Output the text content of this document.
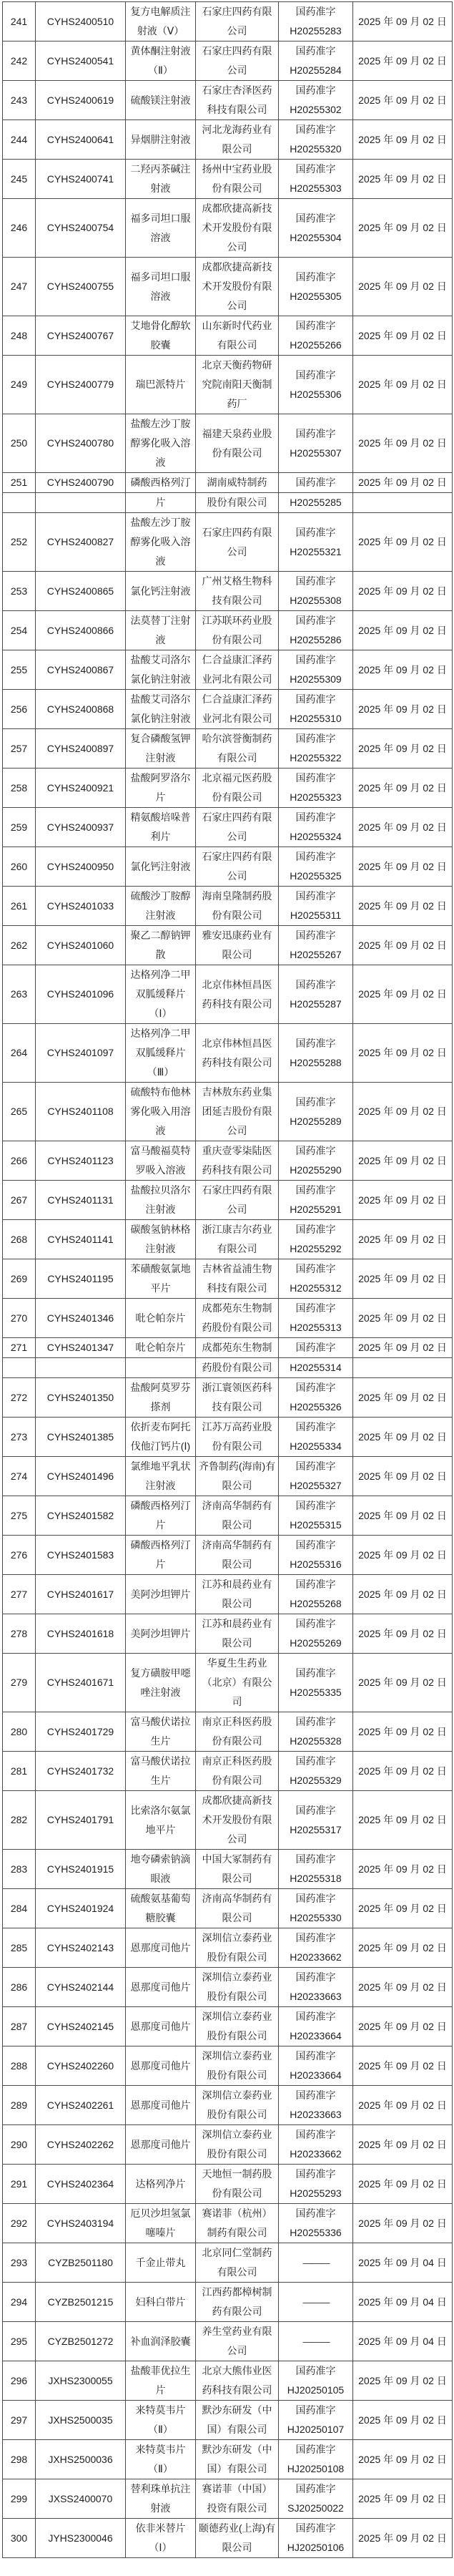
241	CYHS2400510	复方电解质注射液（Ⅴ）	石家庄四药有限公司	国药准字
H20255283	2025 年 09 月 02 日
242	CYHS2400541	黄体酮注射液（Ⅱ）	石家庄四药有限公司	国药准字
H20255284	2025 年 09 月 02 日
243	CYHS2400619	硫酸镁注射液	石家庄杏泽医药科技有限公司	国药准字
H20255302	2025 年 09 月 02 日
244	CYHS2400641	异烟肼注射液	河北龙海药业有限公司	国药准字
H20255320	2025 年 09 月 02 日
245	CYHS2400741	二羟丙茶碱注射液	扬州中宝药业股份有限公司	国药准字
H20255303	2025 年 09 月 02 日
246	CYHS2400754	福多司坦口服溶液	成都欣捷高新技术开发股份有限公司	国药准字
H20255304	2025 年 09 月 02 日
247	CYHS2400755	福多司坦口服溶液	成都欣捷高新技术开发股份有限公司	国药准字
H20255305	2025 年 09 月 02 日
248	CYHS2400767	艾地骨化醇软胶囊	山东新时代药业有限公司	国药准字
H20255266	2025 年 09 月 02 日
249	CYHS2400779	瑞巴派特片	北京天衡药物研究院南阳天衡制药厂	国药准字
H20255306	2025 年 09 月 02 日
250	CYHS2400780	盐酸左沙丁胺醇雾化吸入溶液	福建天泉药业股份有限公司	国药准字
H20255307	2025 年 09 月 02 日
251	CYHS2400790	磷酸西格列汀	湖南威特制药	国药准字	2025 年 09 月 02 日
		片	股份有限公司	H20255285	

252	CYHS2400827	盐酸左沙丁胺醇雾化吸入溶液	石家庄四药有限公司	国药准字
H20255321	2025 年 09 月 02 日
253	CYHS2400865	氯化钙注射液	广州艾格生物科技有限公司	国药准字
H20255308	2025 年 09 月 02 日
254	CYHS2400866	法莫替丁注射液	江苏联环药业股份有限公司	国药准字
H20255286	2025 年 09 月 02 日
255	CYHS2400867	盐酸艾司洛尔氯化钠注射液	仁合益康汇泽药业河北有限公司	国药准字
H20255309	2025 年 09 月 02 日
256	CYHS2400868	盐酸艾司洛尔氯化钠注射液	仁合益康汇泽药业河北有限公司	国药准字
H20255310	2025 年 09 月 02 日
257	CYHS2400897	复合磷酸氢钾注射液	哈尔滨誉衡制药有限公司	国药准字
H20255322	2025 年 09 月 02 日
258	CYHS2400921	盐酸阿罗洛尔片	北京福元医药股份有限公司	国药准字
H20255323	2025 年 09 月 02 日
259	CYHS2400937	精氨酸培哚普利片	石家庄四药有限公司	国药准字
H20255324	2025 年 09 月 02 日
260	CYHS2400950	氯化钙注射液	石家庄四药有限公司	国药准字
H20255325	2025 年 09 月 02 日
261	CYHS2401033	硫酸沙丁胺醇注射液	海南皇隆制药股份有限公司	国药准字
H20255311	2025 年 09 月 02 日
262	CYHS2401060	聚乙二醇钠钾散	雅安迅康药业有限公司	国药准字
H20255267	2025 年 09 月 02 日
263	CYHS2401096	达格列净二甲双胍缓释片（Ⅰ）	北京伟林恒昌医药科技有限公司	国药准字
H20255287	2025 年 09 月 02 日
264	CYHS2401097	达格列净二甲双胍缓释片（Ⅲ）	北京伟林恒昌医药科技有限公司	国药准字
H20255288	2025 年 09 月 02 日
265	CYHS2401108	硫酸特布他林雾化吸入用溶液	吉林敖东药业集团延吉股份有限公司	国药准字
H20255289	2025 年 09 月 02 日
266	CYHS2401123	富马酸福莫特罗吸入溶液	重庆壹零柒陆医药科技有限公司	国药准字
H20255290	2025 年 09 月 02 日
267	CYHS2401131	盐酸拉贝洛尔注射液	石家庄四药有限公司	国药准字
H20255291	2025 年 09 月 02 日
268	CYHS2401141	碳酸氢钠林格注射液	浙江康吉尔药业有限公司	国药准字
H20255292	2025 年 09 月 02 日
269	CYHS2401195	苯磺酸氨氯地平片	吉林省益浦生物科技有限公司	国药准字
H20255312	2025 年 09 月 02 日
270	CYHS2401346	吡仑帕奈片	成都苑东生物制药股份有限公司	国药准字
H20255313	2025 年 09 月 02 日
271	CYHS2401347	吡仑帕奈片	成都苑东生物制	国药准字	2025 年 09 月 02 日
			药股份有限公司	H20255314	

272	CYHS2401350	盐酸阿莫罗芬搽剂	浙江寰领医药科技有限公司	国药准字
H20255326	2025 年 09 月 02 日
273	CYHS2401385	依折麦布阿托伐他汀钙片(Ⅰ)	江苏万高药业股份有限公司	国药准字
H20255334	2025 年 09 月 02 日
274	CYHS2401496	氯维地平乳状注射液	齐鲁制药(海南)有限公司	国药准字
H20255327	2025 年 09 月 02 日
275	CYHS2401582	磷酸西格列汀片	济南高华制药有限公司	国药准字
H20255315	2025 年 09 月 02 日
276	CYHS2401583	磷酸西格列汀片	济南高华制药有限公司	国药准字
H20255316	2025 年 09 月 02 日
277	CYHS2401617	美阿沙坦钾片	江苏和晨药业有限公司	国药准字
H20255268	2025 年 09 月 02 日
278	CYHS2401618	美阿沙坦钾片	江苏和晨药业有限公司	国药准字
H20255269	2025 年 09 月 02 日
279	CYHS2401671	复方磺胺甲噁唑注射液	华夏生生药业（北京）有限公司	国药准字
H20255335	2025 年 09 月 02 日
280	CYHS2401729	富马酸伏诺拉生片	南京正科医药股份有限公司	国药准字
H20255328	2025 年 09 月 02 日
281	CYHS2401732	富马酸伏诺拉生片	南京正科医药股份有限公司	国药准字
H20255329	2025 年 09 月 02 日
282	CYHS2401791	比索洛尔氨氯地平片	成都欣捷高新技术开发股份有限公司	国药准字
H20255317	2025 年 09 月 02 日
283	CYHS2401915	地夸磷索钠滴眼液	中国大冢制药有限公司	国药准字
H20255318	2025 年 09 月 02 日
284	CYHS2401924	硫酸氨基葡萄糖胶囊	济南高华制药有限公司	国药准字
H20255330	2025 年 09 月 02 日
285	CYHS2402143	恩那度司他片	深圳信立泰药业股份有限公司	国药准字
H20233662	2025 年 09 月 02 日
286	CYHS2402144	恩那度司他片	深圳信立泰药业股份有限公司	国药准字
H20233663	2025 年 09 月 02 日
287	CYHS2402145	恩那度司他片	深圳信立泰药业股份有限公司	国药准字
H20233664	2025 年 09 月 02 日
288	CYHS2402260	恩那度司他片	深圳信立泰药业股份有限公司	国药准字
H20233664	2025 年 09 月 02 日
289	CYHS2402261	恩那度司他片	深圳信立泰药业股份有限公司	国药准字
H20233663	2025 年 09 月 02 日
290	CYHS2402262	恩那度司他片	深圳信立泰药业股份有限公司	国药准字
H20233662	2025 年 09 月 02 日
291	CYHS2402364	达格列净片	天地恒一制药股份有限公司	国药准字
H20255293	2025 年 09 月 02 日
292	CYHS2403194	厄贝沙坦氢氯噻嗪片	赛诺菲（杭州）制药有限公司	国药准字
H20255336	2025 年 09 月 02 日
293	CYZB2501180	千金止带丸	北京同仁堂制药有限公司	———	2025 年 09 月 04 日
294	CYZB2501215	妇科白带片	江西药都樟树制药有限公司	———	2025 年 09 月 04 日
295	CYZB2501272	补血润泽胶囊	养生堂药业有限公司	———	2025 年 09 月 04 日
296	JXHS2300055	盐酸菲优拉生片	北京大熊伟业医药科技有限公司	国药准字
HJ20250105	2025 年 09 月 02 日
297	JXHS2500035	来特莫韦片（Ⅱ）	默沙东研发（中国）有限公司	国药准字
HJ20250107	2025 年 09 月 02 日
298	JXHS2500036	来特莫韦片（Ⅱ）	默沙东研发（中国）有限公司	国药准字
HJ20250108	2025 年 09 月 02 日
299	JXSS2400070	替利珠单抗注射液	赛诺菲（中国）投资有限公司	国药准字
SJ20250022	2025 年 09 月 02 日
300	JYHS2300046	依非米替片（Ⅰ）	颐德药业(上海)有限公司	国药准字
HJ20250106	2025 年 09 月 02 日
